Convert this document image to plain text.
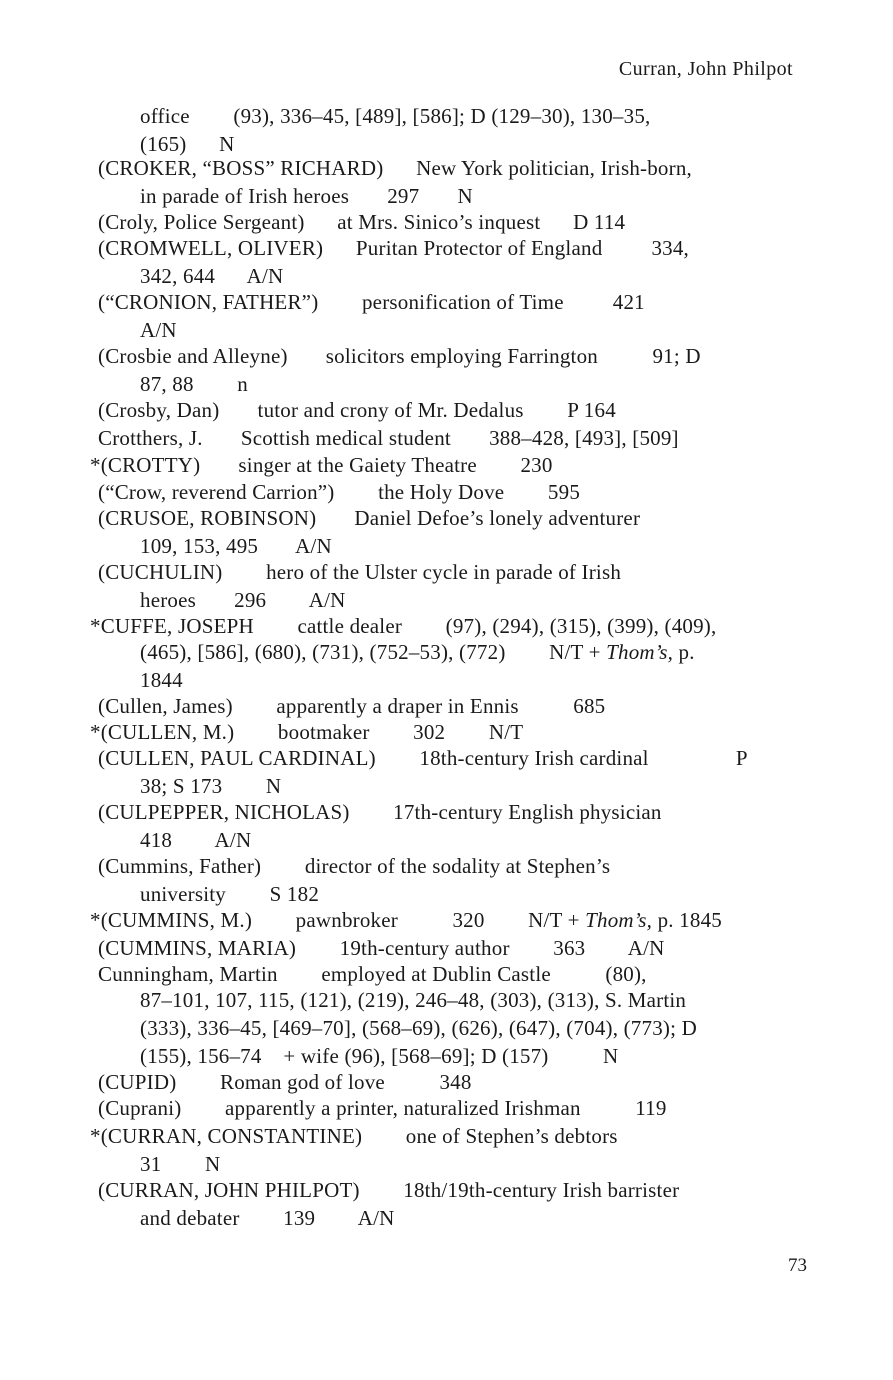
Curran, John Philpot
office        (93), 336–45, [489], [586]; D (129–30), 130–35,
(165)      N
(CROKER, “BOSS” RICHARD)      New York politician, Irish-born,
in parade of Irish heroes       297       N
(Croly, Police Sergeant)      at Mrs. Sinico’s inquest      D 114
(CROMWELL, OLIVER)      Puritan Protector of England         334,
342, 644      A/N
(“CRONION, FATHER”)        personification of Time         421
A/N
(Crosbie and Alleyne)       solicitors employing Farrington          91; D
87, 88        n
(Crosby, Dan)       tutor and crony of Mr. Dedalus        P 164
Crotthers, J.       Scottish medical student       388–428, [493], [509]
*(CROTTY)       singer at the Gaiety Theatre        230
(“Crow, reverend Carrion”)        the Holy Dove        595
(CRUSOE, ROBINSON)       Daniel Defoe’s lonely adventurer
109, 153, 495       A/N
(CUCHULIN)        hero of the Ulster cycle in parade of Irish
heroes       296        A/N
*CUFFE, JOSEPH        cattle dealer        (97), (294), (315), (399), (409),
(465), [586], (680), (731), (752–53), (772)        N/T + Thom’s, p.
1844
(Cullen, James)        apparently a draper in Ennis          685
*(CULLEN, M.)        bootmaker        302        N/T
(CULLEN, PAUL CARDINAL)        18th-century Irish cardinal                P
38; S 173        N
(CULPEPPER, NICHOLAS)        17th-century English physician
418        A/N
(Cummins, Father)        director of the sodality at Stephen’s
university        S 182
*(CUMMINS, M.)        pawnbroker          320        N/T + Thom’s, p. 1845
(CUMMINS, MARIA)        19th-century author        363        A/N
Cunningham, Martin        employed at Dublin Castle          (80),
87–101, 107, 115, (121), (219), 246–48, (303), (313), S. Martin
(333), 336–45, [469–70], (568–69), (626), (647), (704), (773); D
(155), 156–74    + wife (96), [568–69]; D (157)          N
(CUPID)        Roman god of love          348
(Cuprani)        apparently a printer, naturalized Irishman          119
*(CURRAN, CONSTANTINE)        one of Stephen’s debtors
31        N
(CURRAN, JOHN PHILPOT)        18th/19th-century Irish barrister
and debater        139        A/N
73
